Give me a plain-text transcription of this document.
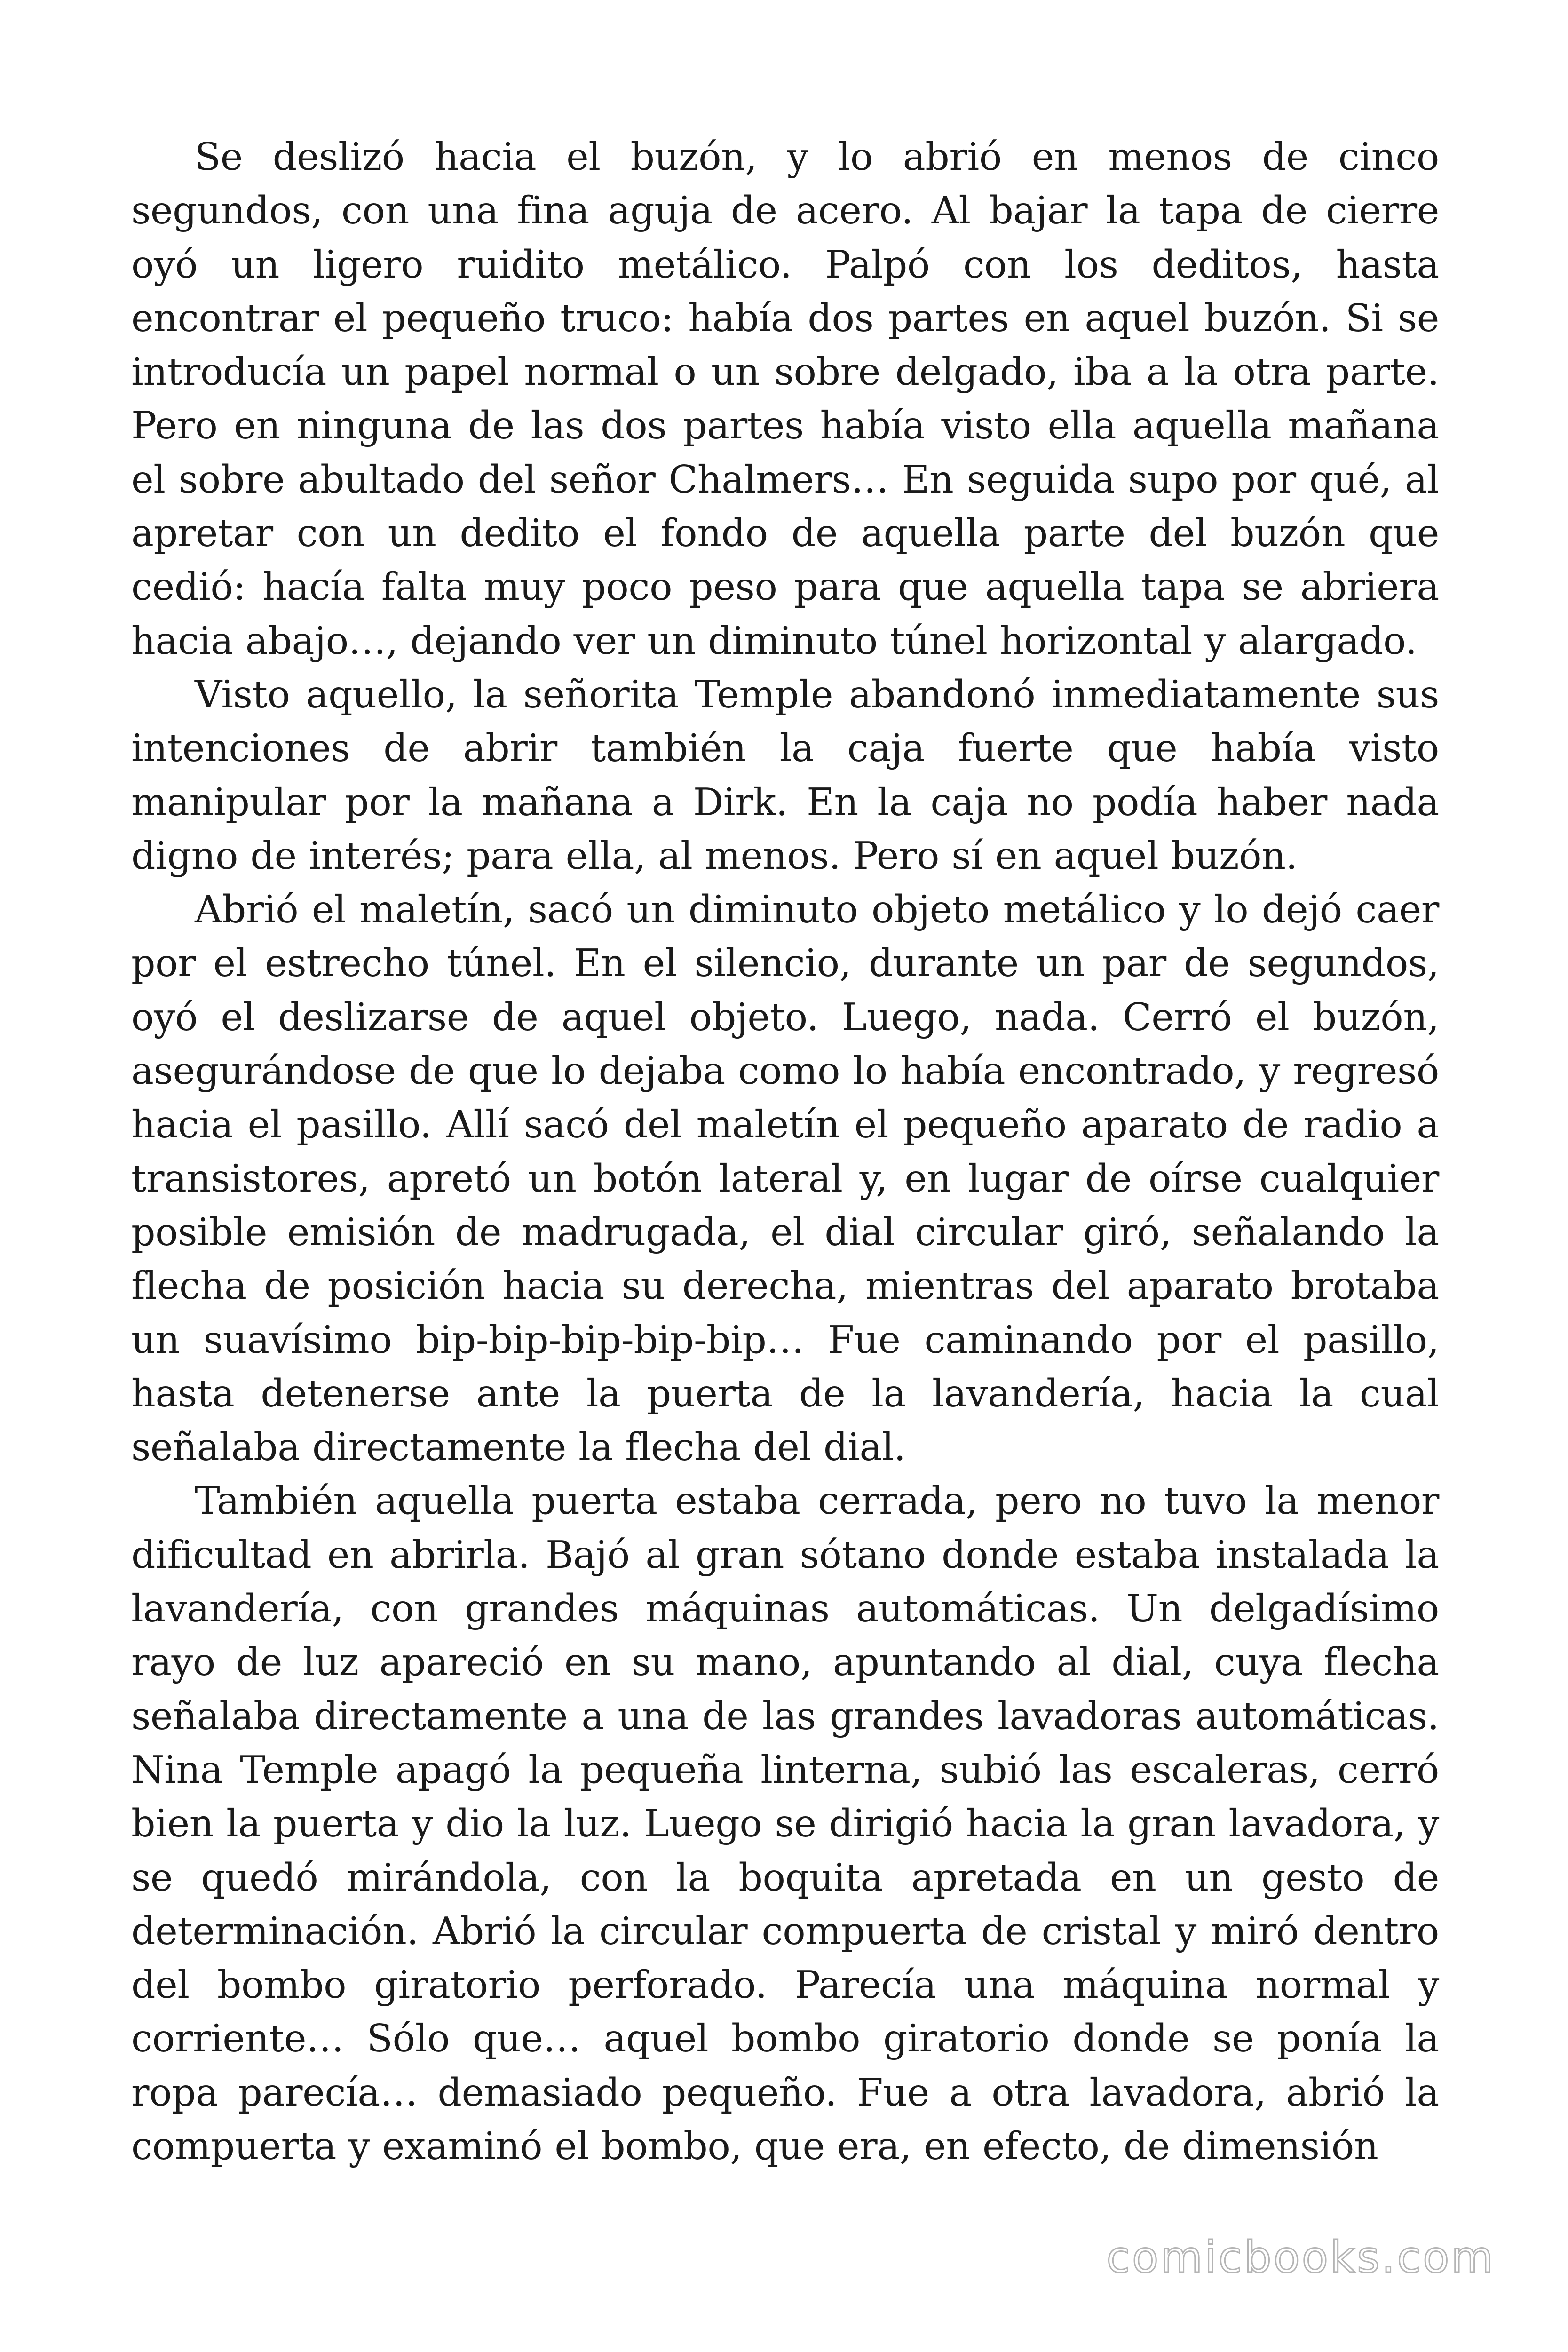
Se deslizó hacia el buzón, y lo abrió en menos de cinco segundos, con una fina aguja de acero. Al bajar la tapa de cierre oyó un ligero ruidito metálico. Palpó con los deditos, hasta encontrar el pequeño truco: había dos partes en aquel buzón. Si se introducía un papel normal o un sobre delgado, iba a la otra parte. Pero en ninguna de las dos partes había visto ella aquella mañana el sobre abultado del señor Chalmers… En seguida supo por qué, al apretar con un dedito el fondo de aquella parte del buzón que cedió: hacía falta muy poco peso para que aquella tapa se abriera hacia abajo…, dejando ver un diminuto túnel horizontal y alargado.

Visto aquello, la señorita Temple abandonó inmediatamente sus intenciones de abrir también la caja fuerte que había visto manipular por la mañana a Dirk. En la caja no podía haber nada digno de interés; para ella, al menos. Pero sí en aquel buzón.

Abrió el maletín, sacó un diminuto objeto metálico y lo dejó caer por el estrecho túnel. En el silencio, durante un par de segundos, oyó el deslizarse de aquel objeto. Luego, nada. Cerró el buzón, asegurándose de que lo dejaba como lo había encontrado, y regresó hacia el pasillo. Allí sacó del maletín el pequeño aparato de radio a transistores, apretó un botón lateral y, en lugar de oírse cualquier posible emisión de madrugada, el dial circular giró, señalando la flecha de posición hacia su derecha, mientras del aparato brotaba un suavísimo bip-bip-bip-bip-bip… Fue caminando por el pasillo, hasta detenerse ante la puerta de la lavandería, hacia la cual señalaba directamente la flecha del dial.

También aquella puerta estaba cerrada, pero no tuvo la menor dificultad en abrirla. Bajó al gran sótano donde estaba instalada la lavandería, con grandes máquinas automáticas. Un delgadísimo rayo de luz apareció en su mano, apuntando al dial, cuya flecha señalaba directamente a una de las grandes lavadoras automáticas. Nina Temple apagó la pequeña linterna, subió las escaleras, cerró bien la puerta y dio la luz. Luego se dirigió hacia la gran lavadora, y se quedó mirándola, con la boquita apretada en un gesto de determinación. Abrió la circular compuerta de cristal y miró dentro del bombo giratorio perforado. Parecía una máquina normal y corriente… Sólo que… aquel bombo giratorio donde se ponía la ropa parecía… demasiado pequeño. Fue a otra lavadora, abrió la compuerta y examinó el bombo, que era, en efecto, de dimensión

comicbooks.com
